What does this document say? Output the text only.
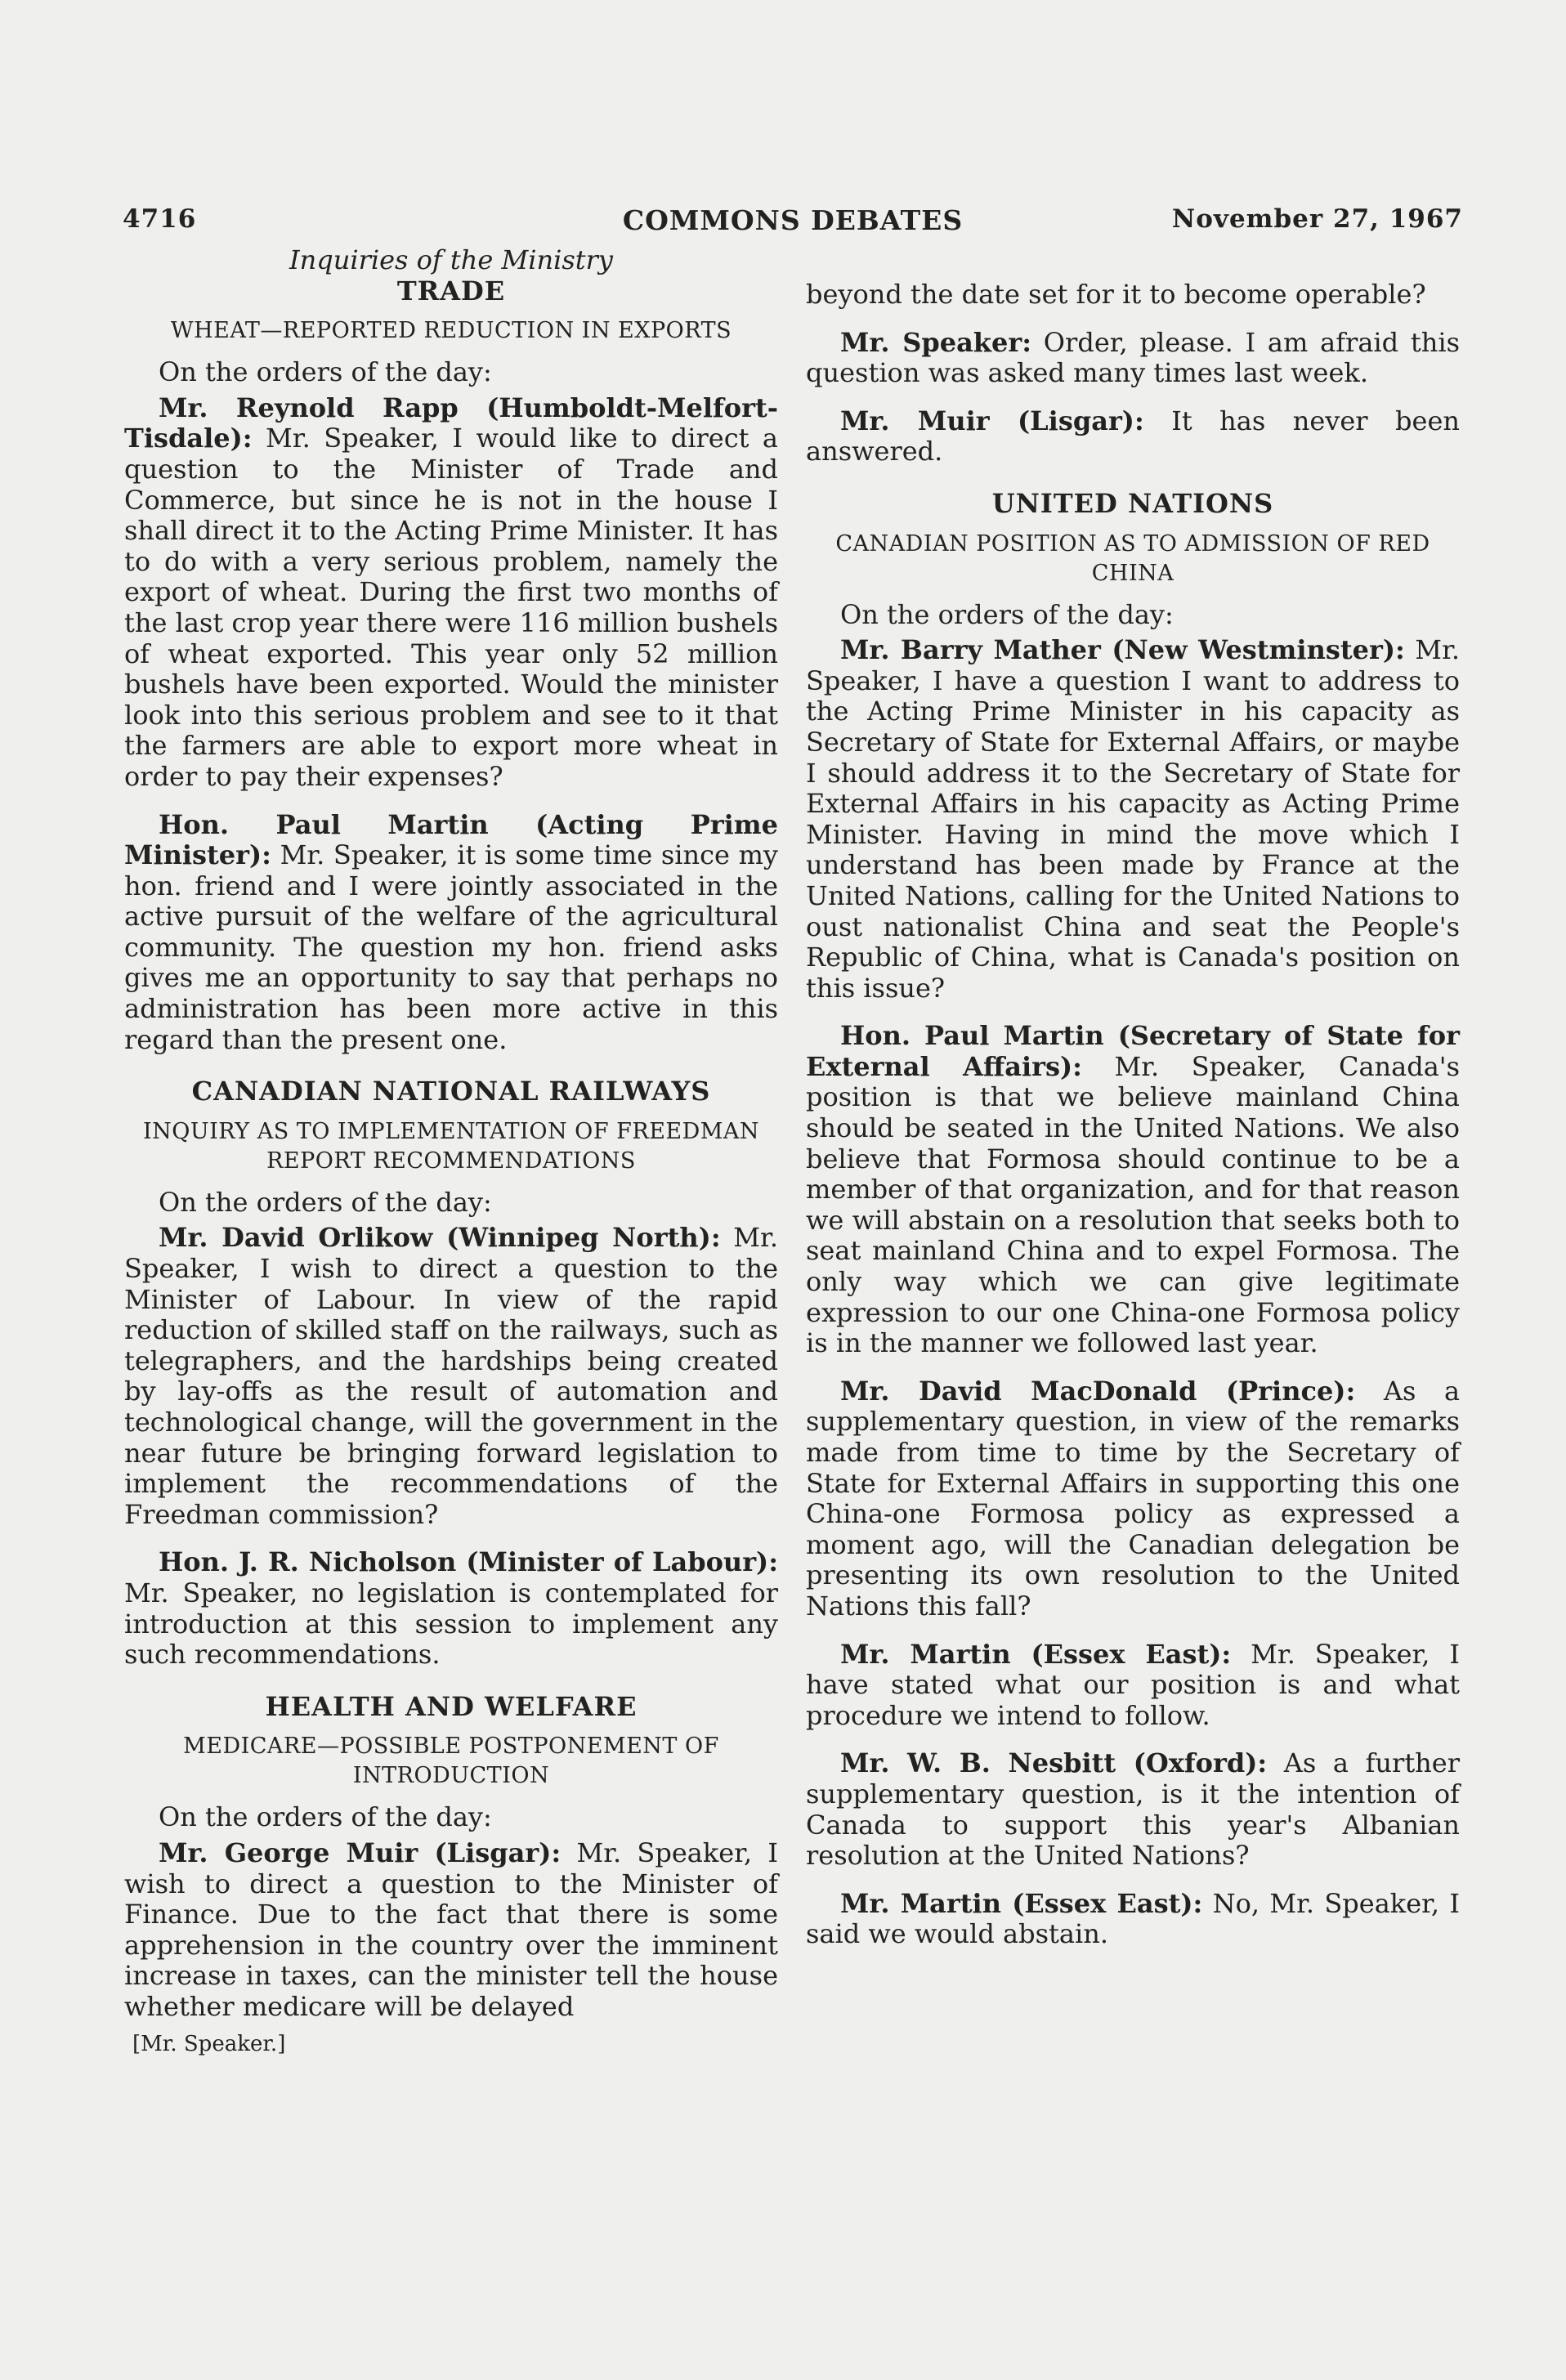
4716	COMMONS DEBATES	November 27, 1967

Inquiries of the Ministry

TRADE
WHEAT—REPORTED REDUCTION IN EXPORTS

On the orders of the day:

Mr. Reynold Rapp (Humboldt-Melfort-Tisdale): Mr. Speaker, I would like to direct a question to the Minister of Trade and Commerce, but since he is not in the house I shall direct it to the Acting Prime Minister. It has to do with a very serious problem, namely the export of wheat. During the first two months of the last crop year there were 116 million bushels of wheat exported. This year only 52 million bushels have been exported. Would the minister look into this serious problem and see to it that the farmers are able to export more wheat in order to pay their expenses?

Hon. Paul Martin (Acting Prime Minister): Mr. Speaker, it is some time since my hon. friend and I were jointly associated in the active pursuit of the welfare of the agricultural community. The question my hon. friend asks gives me an opportunity to say that perhaps no administration has been more active in this regard than the present one.

CANADIAN NATIONAL RAILWAYS
INQUIRY AS TO IMPLEMENTATION OF FREEDMAN REPORT RECOMMENDATIONS

On the orders of the day:

Mr. David Orlikow (Winnipeg North): Mr. Speaker, I wish to direct a question to the Minister of Labour. In view of the rapid reduction of skilled staff on the railways, such as telegraphers, and the hardships being created by lay-offs as the result of automation and technological change, will the government in the near future be bringing forward legislation to implement the recommendations of the Freedman commission?

Hon. J. R. Nicholson (Minister of Labour): Mr. Speaker, no legislation is contemplated for introduction at this session to implement any such recommendations.

HEALTH AND WELFARE
MEDICARE—POSSIBLE POSTPONEMENT OF INTRODUCTION

On the orders of the day:

Mr. George Muir (Lisgar): Mr. Speaker, I wish to direct a question to the Minister of Finance. Due to the fact that there is some apprehension in the country over the imminent increase in taxes, can the minister tell the house whether medicare will be delayed

[Mr. Speaker.]

beyond the date set for it to become operable?

Mr. Speaker: Order, please. I am afraid this question was asked many times last week.

Mr. Muir (Lisgar): It has never been answered.

UNITED NATIONS
CANADIAN POSITION AS TO ADMISSION OF RED CHINA

On the orders of the day:

Mr. Barry Mather (New Westminster): Mr. Speaker, I have a question I want to address to the Acting Prime Minister in his capacity as Secretary of State for External Affairs, or maybe I should address it to the Secretary of State for External Affairs in his capacity as Acting Prime Minister. Having in mind the move which I understand has been made by France at the United Nations, calling for the United Nations to oust nationalist China and seat the People's Republic of China, what is Canada's position on this issue?

Hon. Paul Martin (Secretary of State for External Affairs): Mr. Speaker, Canada's position is that we believe mainland China should be seated in the United Nations. We also believe that Formosa should continue to be a member of that organization, and for that reason we will abstain on a resolution that seeks both to seat mainland China and to expel Formosa. The only way which we can give legitimate expression to our one China-one Formosa policy is in the manner we followed last year.

Mr. David MacDonald (Prince): As a supplementary question, in view of the remarks made from time to time by the Secretary of State for External Affairs in supporting this one China-one Formosa policy as expressed a moment ago, will the Canadian delegation be presenting its own resolution to the United Nations this fall?

Mr. Martin (Essex East): Mr. Speaker, I have stated what our position is and what procedure we intend to follow.

Mr. W. B. Nesbitt (Oxford): As a further supplementary question, is it the intention of Canada to support this year's Albanian resolution at the United Nations?

Mr. Martin (Essex East): No, Mr. Speaker, I said we would abstain.
